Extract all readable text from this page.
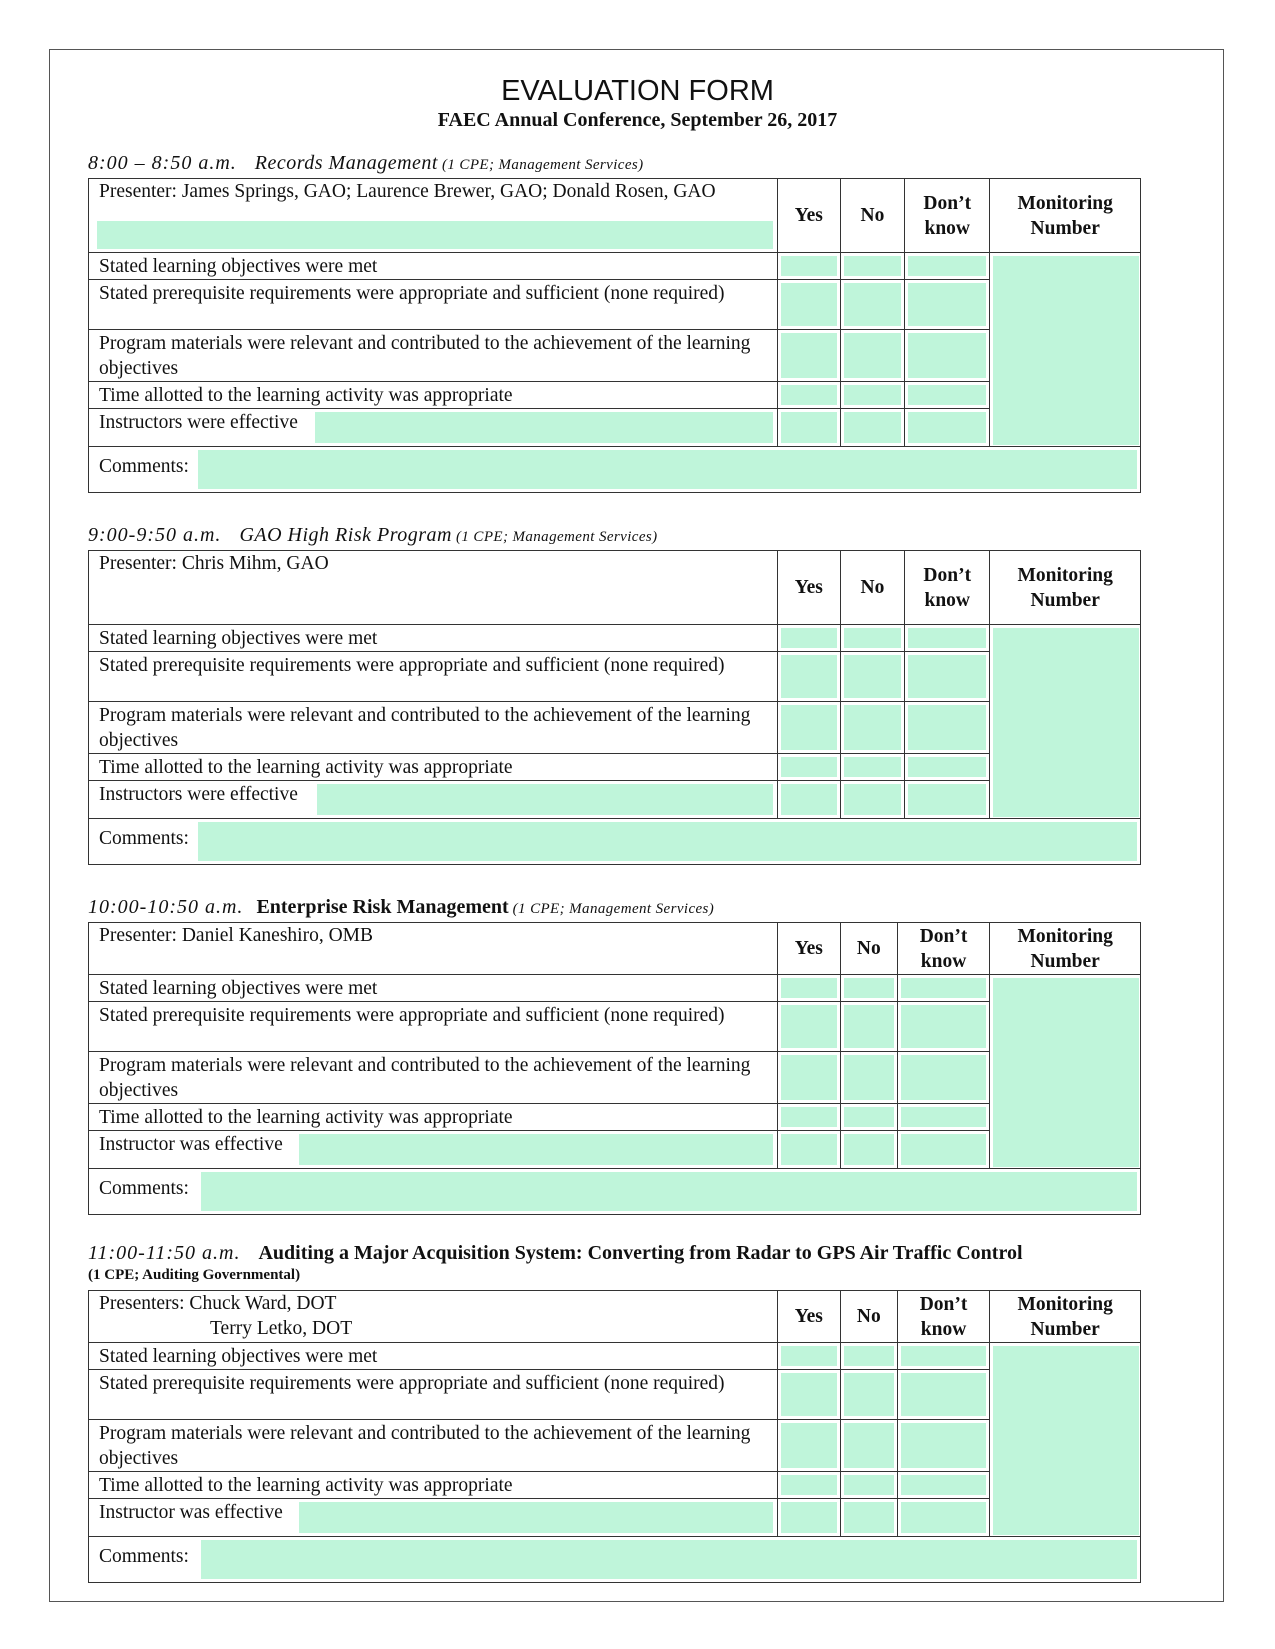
EVALUATION FORM
FAEC Annual Conference, September 26, 2017
8:00 – 8:50 a.m. Records Management (1 CPE; Management Services)
Presenter: James Springs, GAO; Laurence Brewer, GAO; Donald Rosen, GAO	Yes	No	Don’t know	Monitoring Number
Stated learning objectives were met	

Stated prerequisite requirements were appropriate and sufficient (none required)		

Program materials were relevant and contributed to the achievement of the learning objectives		

Time allotted to the learning activity was appropriate		

Instructors were effective	

Comments:				
9:00-9:50 a.m. GAO High Risk Program (1 CPE; Management Services)
Presenter: Chris Mihm, GAO	Yes	No	Don’t know	Monitoring Number
Stated learning objectives were met	

Stated prerequisite requirements were appropriate and sufficient (none required)		

Program materials were relevant and contributed to the achievement of the learning objectives		

Time allotted to the learning activity was appropriate		

Instructors were effective	

Comments:				
10:00-10:50 a.m. Enterprise Risk Management (1 CPE; Management Services)
Presenter: Daniel Kaneshiro, OMB	Yes	No	Don’t know	Monitoring Number
Stated learning objectives were met	

Stated prerequisite requirements were appropriate and sufficient (none required)		

Program materials were relevant and contributed to the achievement of the learning objectives		

Time allotted to the learning activity was appropriate		

Instructor was effective	

Comments:				
11:00-11:50 a.m. Auditing a Major Acquisition System: Converting from Radar to GPS Air Traffic Control
(1 CPE; Auditing Governmental)
Presenters: Chuck Ward, DOT
Terry Letko, DOT	Yes	No	Don’t know	Monitoring Number
Stated learning objectives were met	

Stated prerequisite requirements were appropriate and sufficient (none required)		

Program materials were relevant and contributed to the achievement of the learning objectives		

Time allotted to the learning activity was appropriate		

Instructor was effective	

Comments:				
